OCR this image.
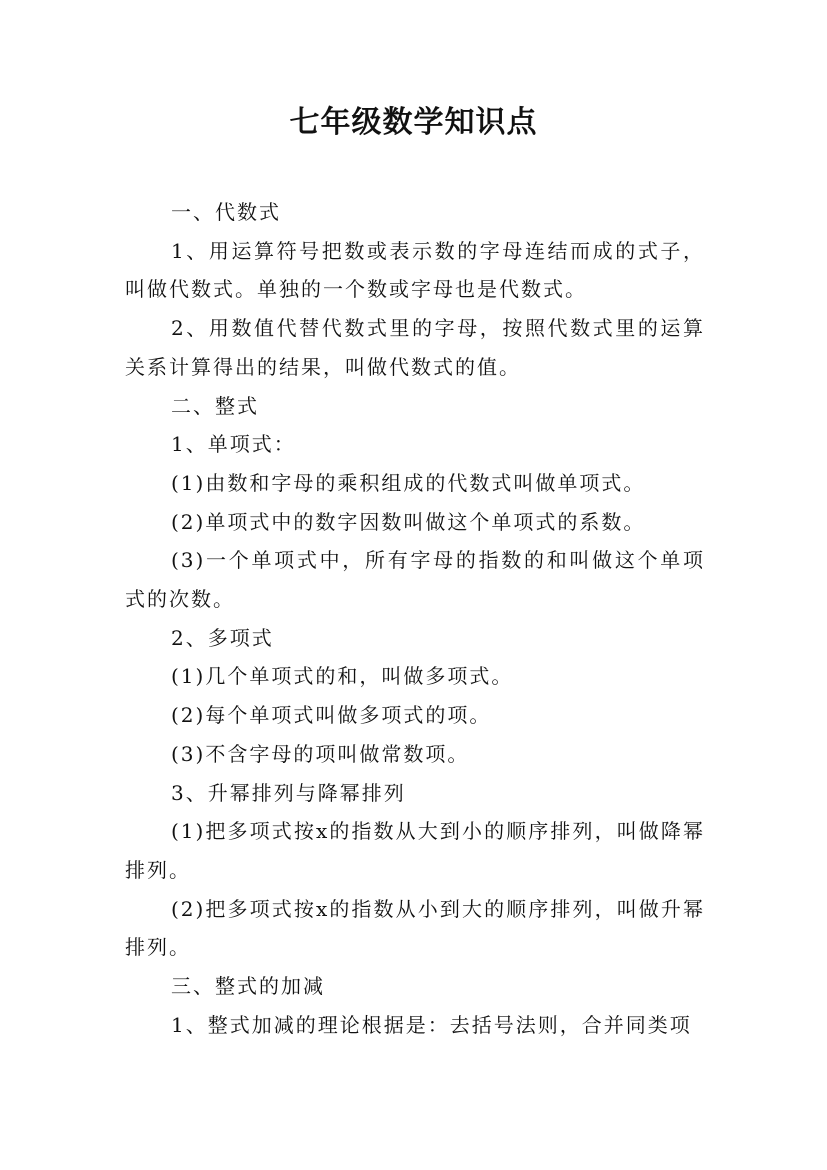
七年级数学知识点

一、代数式

1、用运算符号把数或表示数的字母连结而成的式子，叫做代数式。单独的一个数或字母也是代数式。

2、用数值代替代数式里的字母，按照代数式里的运算关系计算得出的结果，叫做代数式的值。

二、整式

1、单项式：

(1)由数和字母的乘积组成的代数式叫做单项式。

(2)单项式中的数字因数叫做这个单项式的系数。

(3)一个单项式中，所有字母的指数的和叫做这个单项式的次数。

2、多项式

(1)几个单项式的和，叫做多项式。

(2)每个单项式叫做多项式的项。

(3)不含字母的项叫做常数项。

3、升幂排列与降幂排列

(1)把多项式按x的指数从大到小的顺序排列，叫做降幂排列。

(2)把多项式按x的指数从小到大的顺序排列，叫做升幂排列。

三、整式的加减

1、整式加减的理论根据是：去括号法则，合并同类项
